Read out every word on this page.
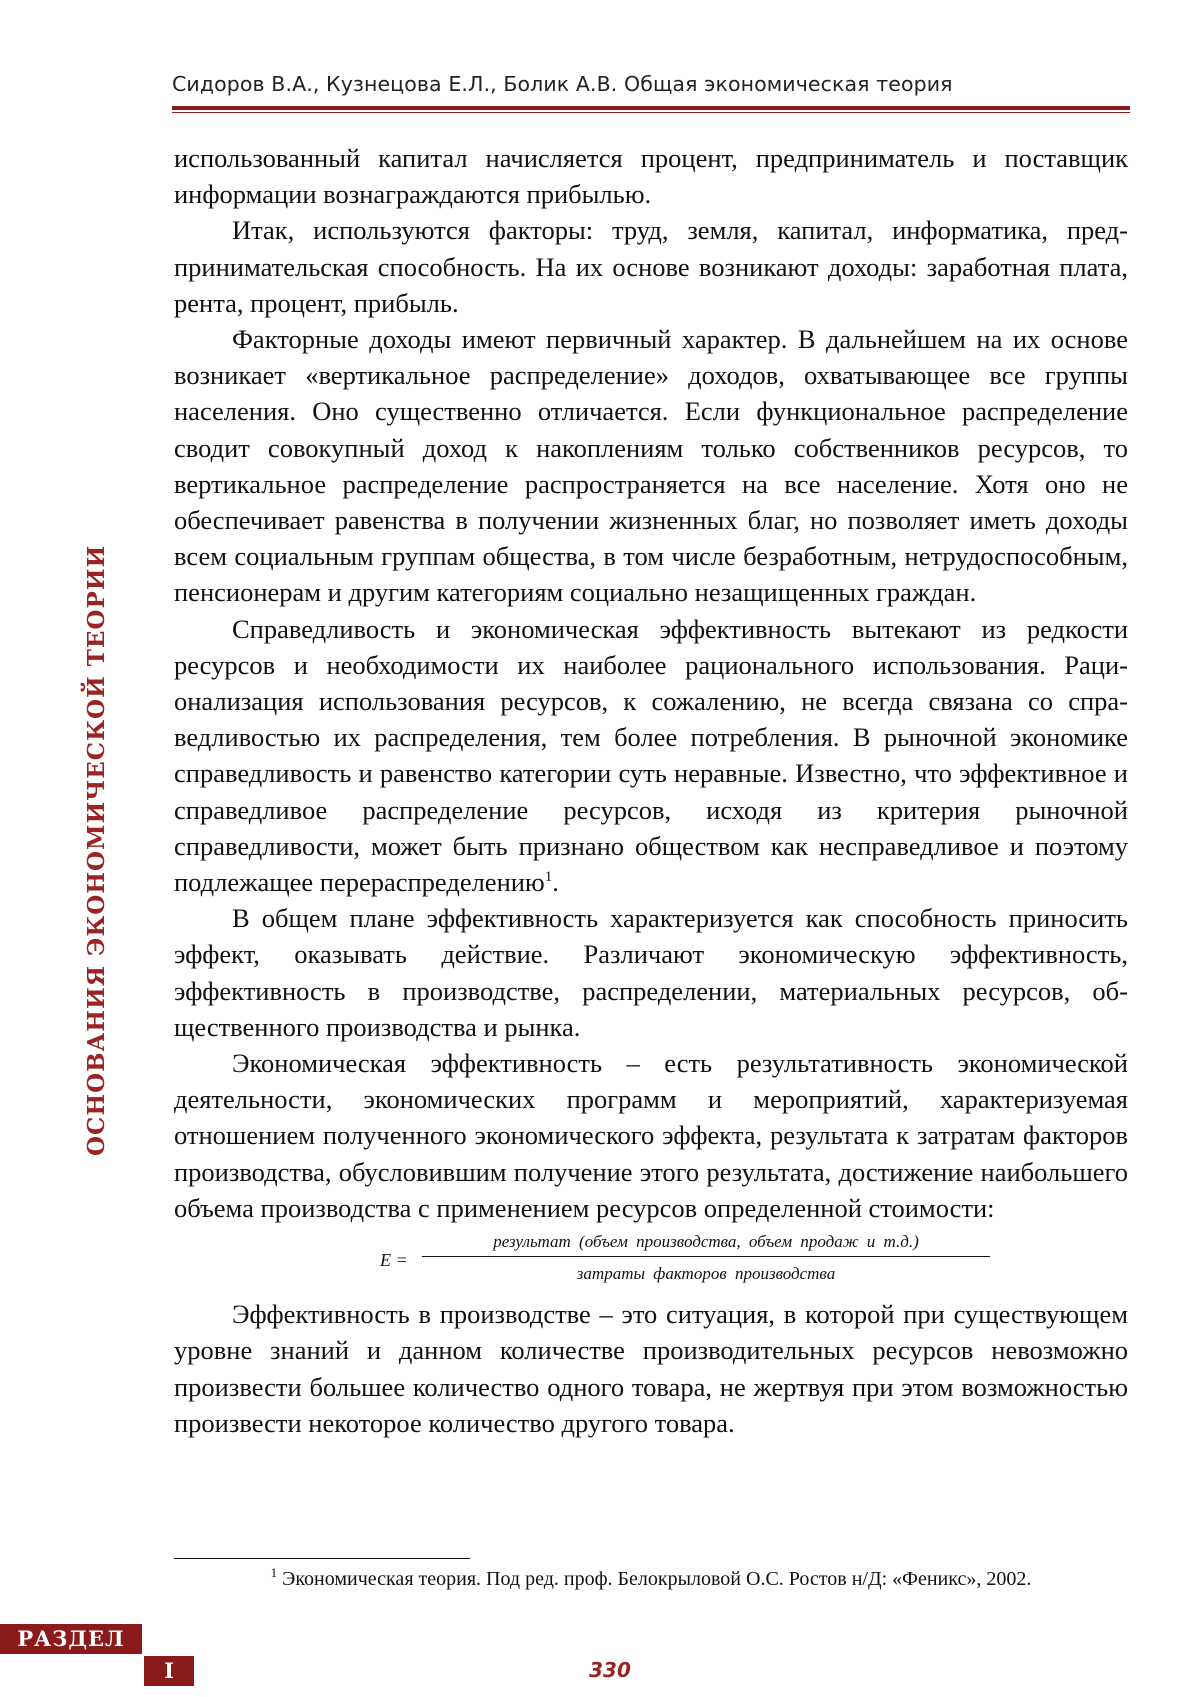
Сидоров В.А., Кузнецова Е.Л., Болик А.В. Общая экономическая теория
ОСНОВАНИЯ ЭКОНОМИЧЕСКОЙ ТЕОРИИ

использованный капитал начисляется процент, предприниматель и поставщик информации вознаграждаются прибылью.

Итак, используются факторы: труд, земля, капитал, информатика, предпринимательская способность. На их основе возникают доходы: заработная плата, рента, процент, прибыль.

Факторные доходы имеют первичный характер. В дальнейшем на их основе возникает «вертикальное распределение» доходов, охватывающее все группы населения. Оно существенно отличается. Если функциональное распределение сводит совокупный доход к накоплениям только собственников ресурсов, то вертикальное распределение распространяется на все население. Хотя оно не обеспечивает равенства в получении жизненных благ, но позволяет иметь доходы всем социальным группам общества, в том числе безработным, нетрудоспособным, пенсионерам и другим категориям социально незащищенных граждан.

Справедливость и экономическая эффективность вытекают из редкости ресурсов и необходимости их наиболее рационального использования. Рационализация использования ресурсов, к сожалению, не всегда связана со справедливостью их распределения, тем более потребления. В рыночной экономике справедливость и равенство категории суть неравные. Известно, что эффективное и справедливое распределение ресурсов, исходя из критерия рыночной справедливости, может быть признано обществом как несправедливое и поэтому подлежащее перераспределению$^1$.

В общем плане эффективность характеризуется как способность приносить эффект, оказывать действие. Различают экономическую эффективность, эффективность в производстве, распределении, материальных ресурсов, общественного производства и рынка.

Экономическая эффективность – есть результативность экономической деятельности, экономических программ и мероприятий, характеризуемая отношением полученного экономического эффекта, результата к затратам факторов производства, обусловившим получение этого результата, достижение наибольшего объема производства с применением ресурсов определенной стоимости:

E =
результат (объем производства, объем продаж и т.д.)
затраты факторов производства

Эффективность в производстве – это ситуация, в которой при существующем уровне знаний и данном количестве производительных ресурсов невозможно произвести большее количество одного товара, не жертвуя при этом возможностью произвести некоторое количество другого товара.

$^1$ Экономическая теория. Под ред. проф. Белокрыловой О.С. Ростов н/Д: «Феникс», 2002.
РАЗДЕЛ
I	330
